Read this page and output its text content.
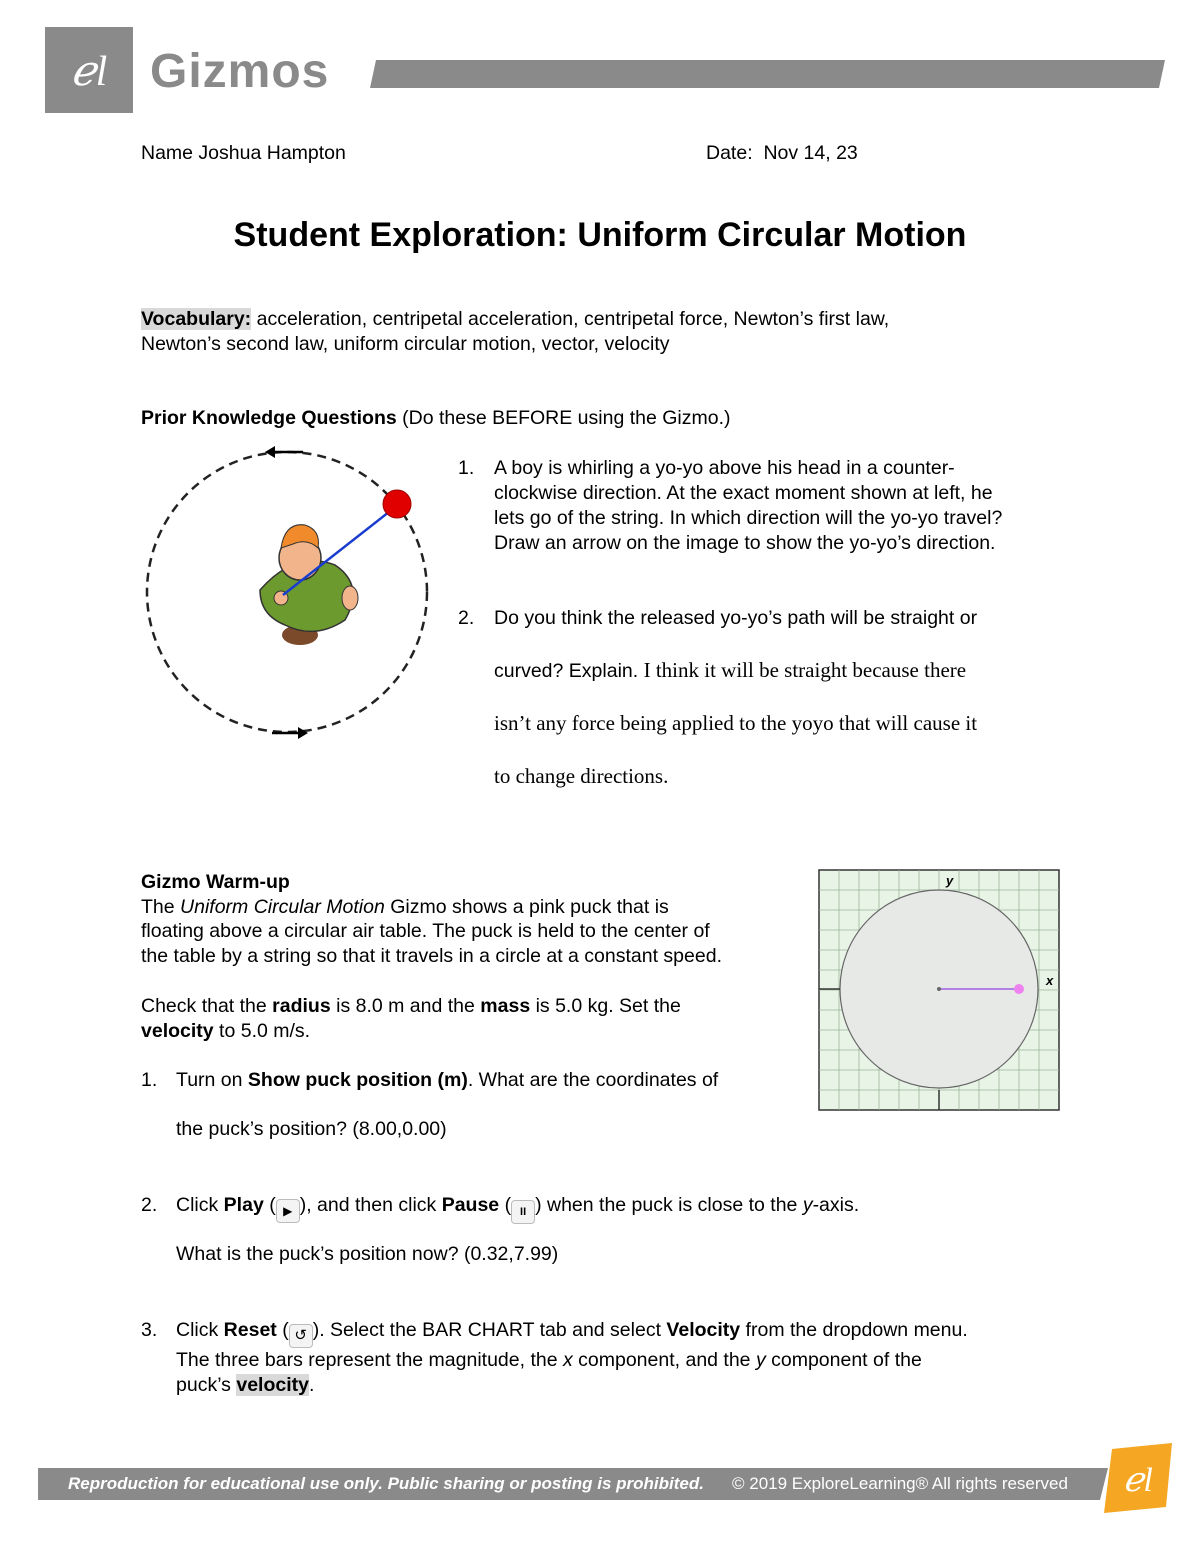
ℯl Gizmos
Name Joshua Hampton	Date: Nov 14, 23
Student Exploration: Uniform Circular Motion
Vocabulary: acceleration, centripetal acceleration, centripetal force, Newton’s first law,
Newton’s second law, uniform circular motion, vector, velocity
Prior Knowledge Questions (Do these BEFORE using the Gizmo.)
1. A boy is whirling a yo-yo above his head in a counter-
clockwise direction. At the exact moment shown at left, he
lets go of the string. In which direction will the yo-yo travel?
Draw an arrow on the image to show the yo-yo’s direction.
2. Do you think the released yo-yo’s path will be straight or
curved? Explain. I think it will be straight because there
isn’t any force being applied to the yoyo that will cause it
to change directions.
Gizmo Warm-up
The Uniform Circular Motion Gizmo shows a pink puck that is
floating above a circular air table. The puck is held to the center of
the table by a string so that it travels in a circle at a constant speed.
Check that the radius is 8.0 m and the mass is 5.0 kg. Set the
velocity to 5.0 m/s.
1. Turn on Show puck position (m). What are the coordinates of
the puck’s position? (8.00,0.00)
2. Click Play ( ▶ ), and then click Pause ( II ) when the puck is close to the y-axis.
What is the puck’s position now? (0.32,7.99)
3. Click Reset ( ↺ ). Select the BAR CHART tab and select Velocity from the dropdown menu.
The three bars represent the magnitude, the x component, and the y component of the
puck’s velocity.
y
x
Reproduction for educational use only. Public sharing or posting is prohibited. © 2019 ExploreLearning® All rights reserved ℯl
